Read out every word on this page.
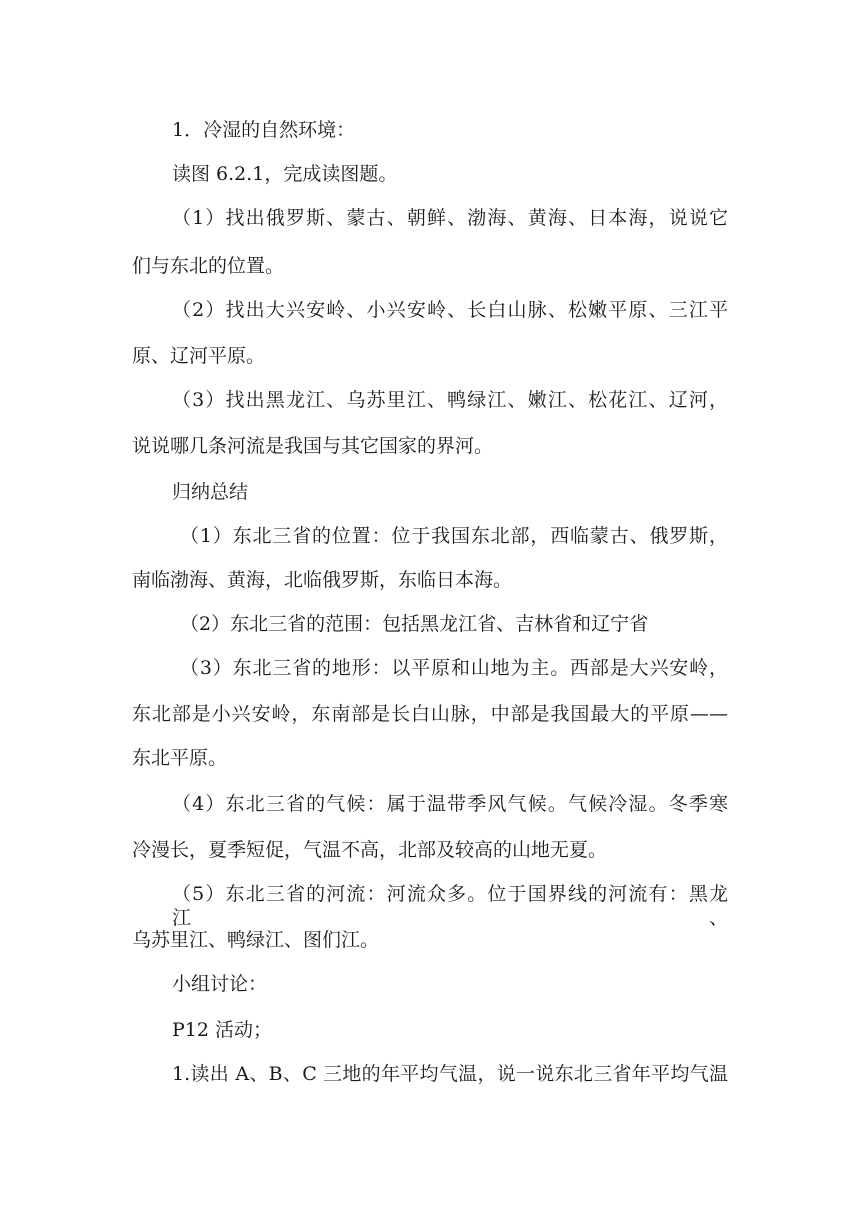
1．冷湿的自然环境：
读图 6.2.1，完成读图题。
（1）找出俄罗斯、蒙古、朝鲜、渤海、黄海、日本海，说说它
们与东北的位置。
（2）找出大兴安岭、小兴安岭、长白山脉、松嫩平原、三江平
原、辽河平原。
（3）找出黑龙江、乌苏里江、鸭绿江、嫩江、松花江、辽河，
说说哪几条河流是我国与其它国家的界河。
归纳总结
（1）东北三省的位置：位于我国东北部，西临蒙古、俄罗斯，
南临渤海、黄海，北临俄罗斯，东临日本海。
（2）东北三省的范围：包括黑龙江省、吉林省和辽宁省
（3）东北三省的地形：以平原和山地为主。西部是大兴安岭，
东北部是小兴安岭，东南部是长白山脉，中部是我国最大的平原——
东北平原。
（4）东北三省的气候：属于温带季风气候。气候冷湿。冬季寒
冷漫长，夏季短促，气温不高，北部及较高的山地无夏。
（5）东北三省的河流：河流众多。位于国界线的河流有：黑龙江、
乌苏里江、鸭绿江、图们江。
小组讨论：
P12 活动；
1.读出 A、B、C 三地的年平均气温，说一说东北三省年平均气温
